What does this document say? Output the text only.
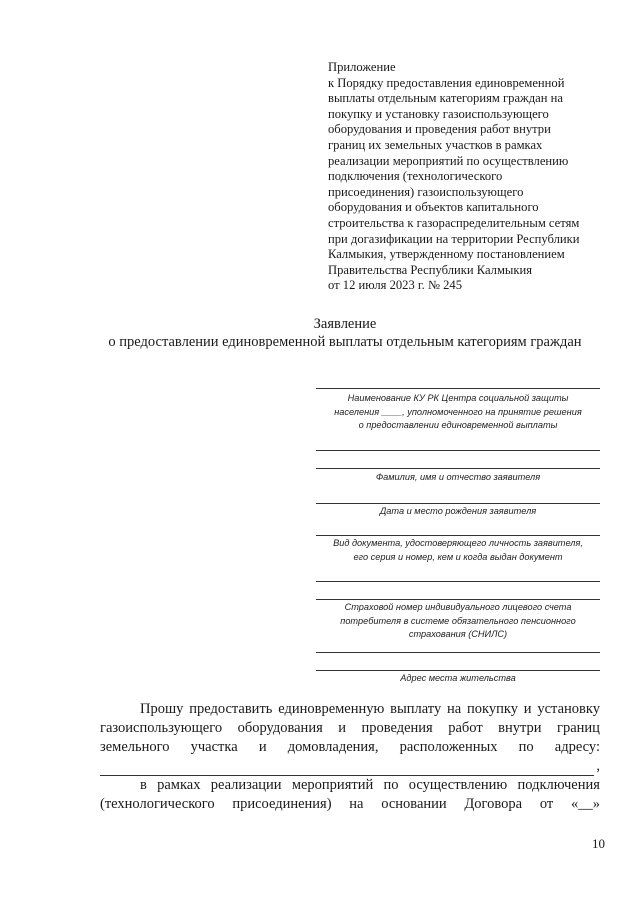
Приложение
к Порядку предоставления единовременной
выплаты отдельным категориям граждан на
покупку и установку газоиспользующего
оборудования и проведения работ внутри
границ их земельных участков в рамках
реализации мероприятий по осуществлению
подключения (технологического
присоединения) газоиспользующего
оборудования и объектов капитального
строительства к газораспределительным сетям
при догазификации на территории Республики
Калмыкия, утвержденному постановлением
Правительства Республики Калмыкия
от 12 июля 2023 г. № 245
Заявление
о предоставлении единовременной выплаты отдельным категориям граждан
Наименование КУ РК Центра социальной защиты
населения ____, уполномоченного на принятие решения
о предоставлении единовременной выплаты
Фамилия, имя и отчество заявителя
Дата и место рождения заявителя
Вид документа, удостоверяющего личность заявителя,
его серия и номер, кем и когда выдан документ
Страховой номер индивидуального лицевого счета
потребителя в системе обязательного пенсионного
страхования (СНИЛС)
Адрес места жительства
Прошу предоставить единовременную выплату на покупку и установку
газоиспользующего оборудования и проведения работ внутри границ
земельного участка и домовладения, расположенных по адресу:
,
в рамках реализации мероприятий по осуществлению подключения
(технологического присоединения) на основании Договора от «__»
10
